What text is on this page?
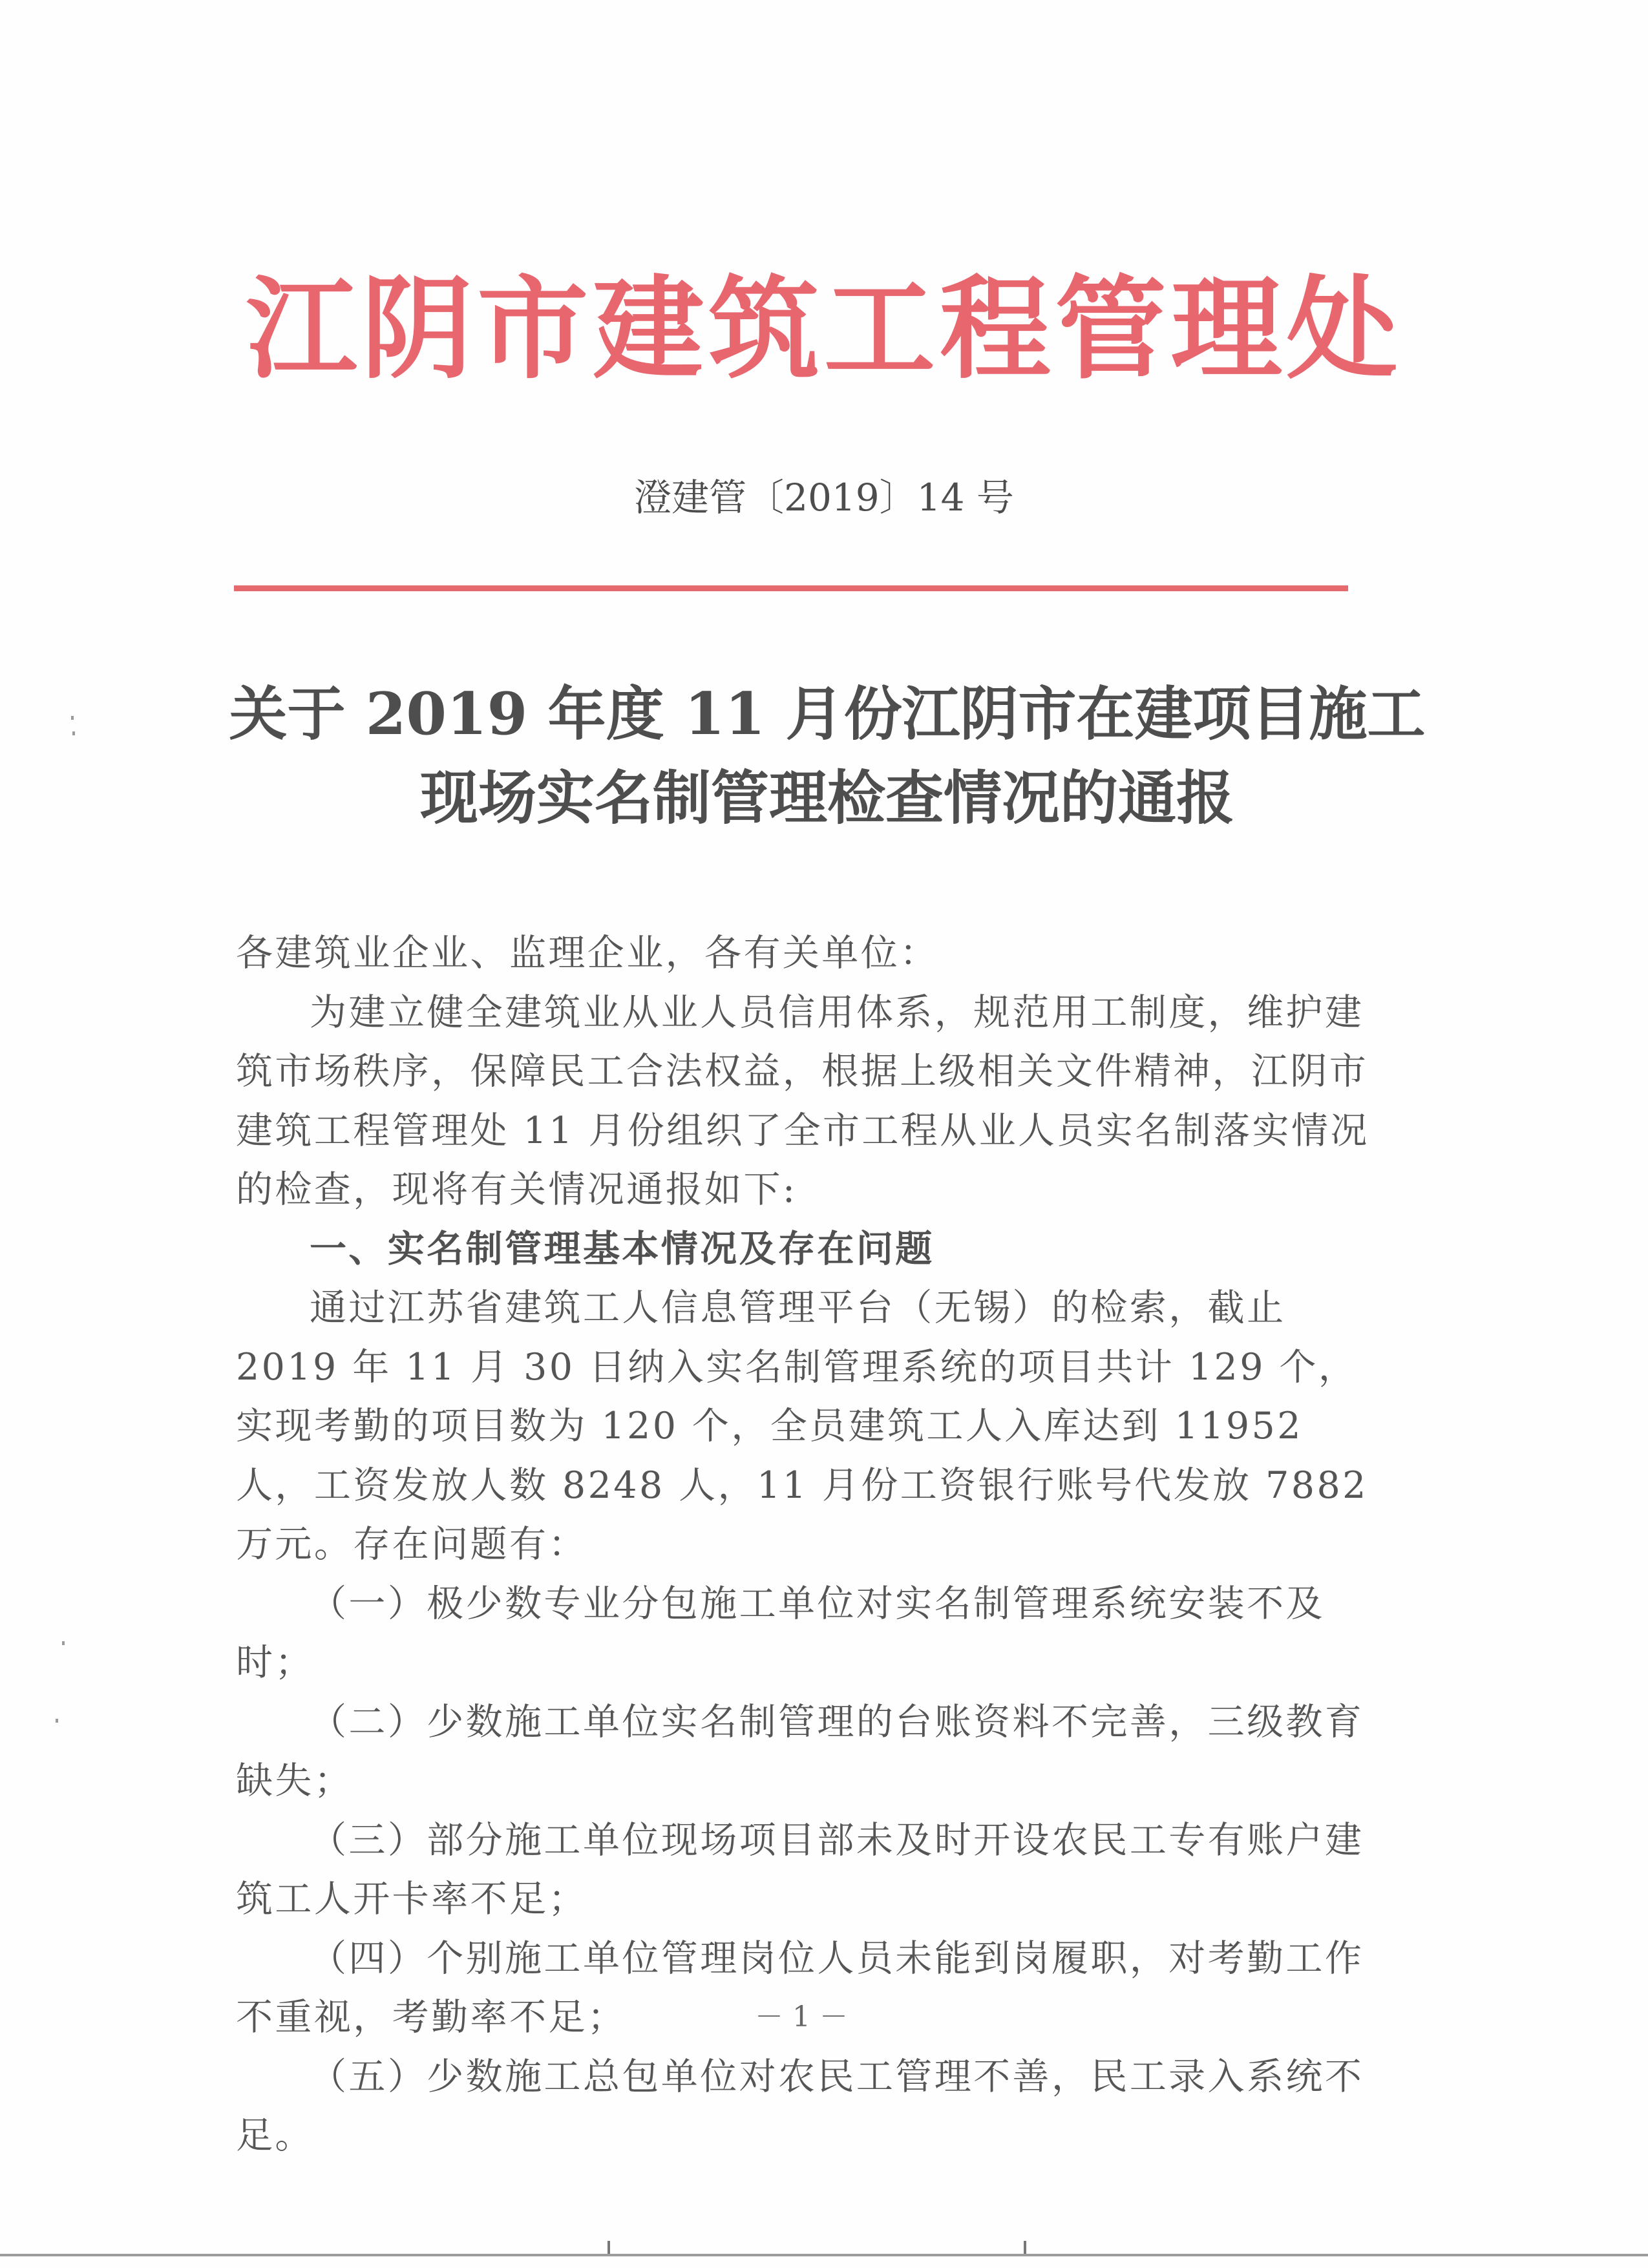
江阴市建筑工程管理处
澄建管〔2019〕14 号
关于 2019 年度 11 月份江阴市在建项目施工
现场实名制管理检查情况的通报

各建筑业企业、监理企业，各有关单位：

为建立健全建筑业从业人员信用体系，规范用工制度，维护建筑市场秩序，保障民工合法权益，根据上级相关文件精神，江阴市建筑工程管理处 11 月份组织了全市工程从业人员实名制落实情况的检查，现将有关情况通报如下:

一、实名制管理基本情况及存在问题

通过江苏省建筑工人信息管理平台（无锡）的检索，截止 2019 年 11 月 30 日纳入实名制管理系统的项目共计 129 个，实现考勤的项目数为 120 个，全员建筑工人入库达到 11952 人，工资发放人数 8248 人，11 月份工资银行账号代发放 7882 万元。存在问题有：

（一）极少数专业分包施工单位对实名制管理系统安装不及时；

（二）少数施工单位实名制管理的台账资料不完善，三级教育缺失；

（三）部分施工单位现场项目部未及时开设农民工专有账户建筑工人开卡率不足；

（四）个别施工单位管理岗位人员未能到岗履职，对考勤工作不重视，考勤率不足；

（五）少数施工总包单位对农民工管理不善，民工录入系统不足。

－ 1 －
